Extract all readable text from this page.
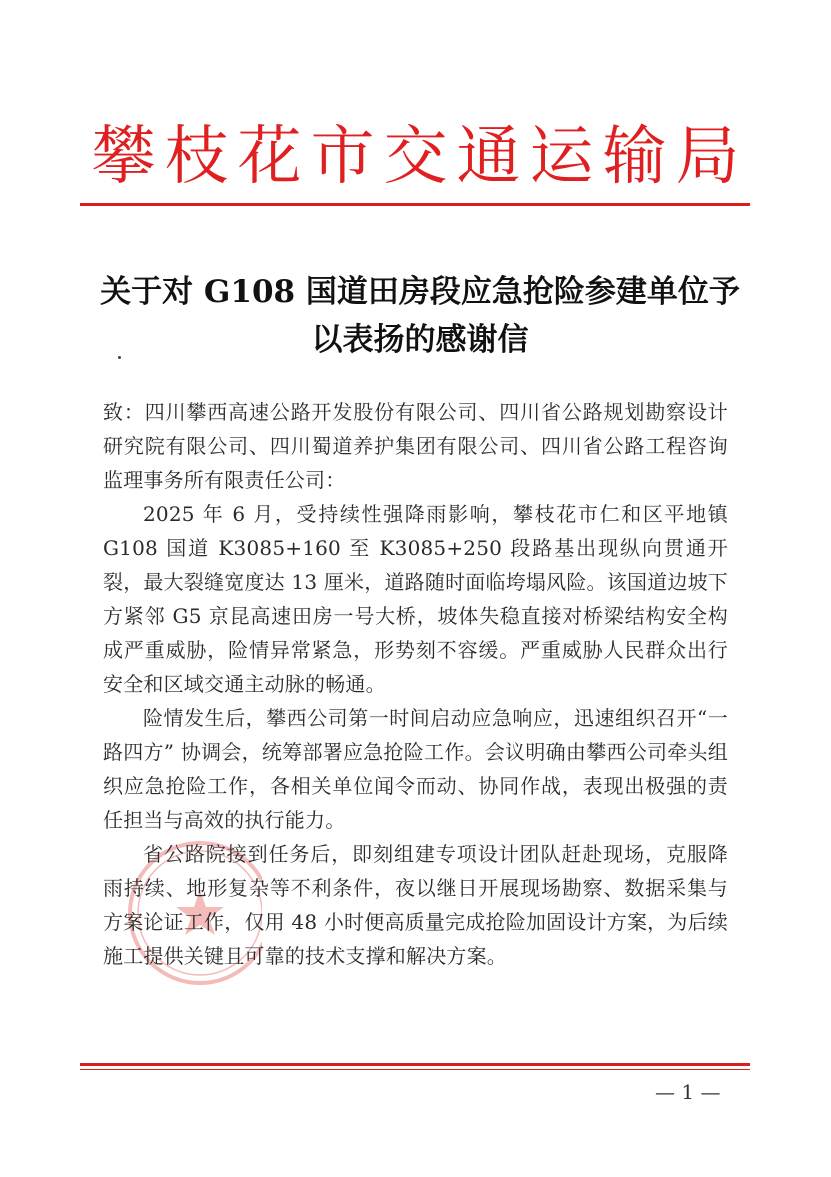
攀枝花市交通运输局
关于对 G108 国道田房段应急抢险参建单位予
以表扬的感谢信

致：四川攀西高速公路开发股份有限公司、四川省公路规划勘察设计研究院有限公司、四川蜀道养护集团有限公司、四川省公路工程咨询监理事务所有限责任公司：

2025 年 6 月，受持续性强降雨影响，攀枝花市仁和区平地镇 G108 国道 K3085+160 至 K3085+250 段路基出现纵向贯通开裂，最大裂缝宽度达 13 厘米，道路随时面临垮塌风险。该国道边坡下方紧邻 G5 京昆高速田房一号大桥，坡体失稳直接对桥梁结构安全构成严重威胁，险情异常紧急，形势刻不容缓。严重威胁人民群众出行安全和区域交通主动脉的畅通。

险情发生后，攀西公司第一时间启动应急响应，迅速组织召开“一路四方” 协调会，统筹部署应急抢险工作。会议明确由攀西公司牵头组织应急抢险工作，各相关单位闻令而动、协同作战，表现出极强的责任担当与高效的执行能力。

省公路院接到任务后，即刻组建专项设计团队赶赴现场，克服降雨持续、地形复杂等不利条件，夜以继日开展现场勘察、数据采集与方案论证工作，仅用 48 小时便高质量完成抢险加固设计方案，为后续施工提供关键且可靠的技术支撑和解决方案。

— 1 —
